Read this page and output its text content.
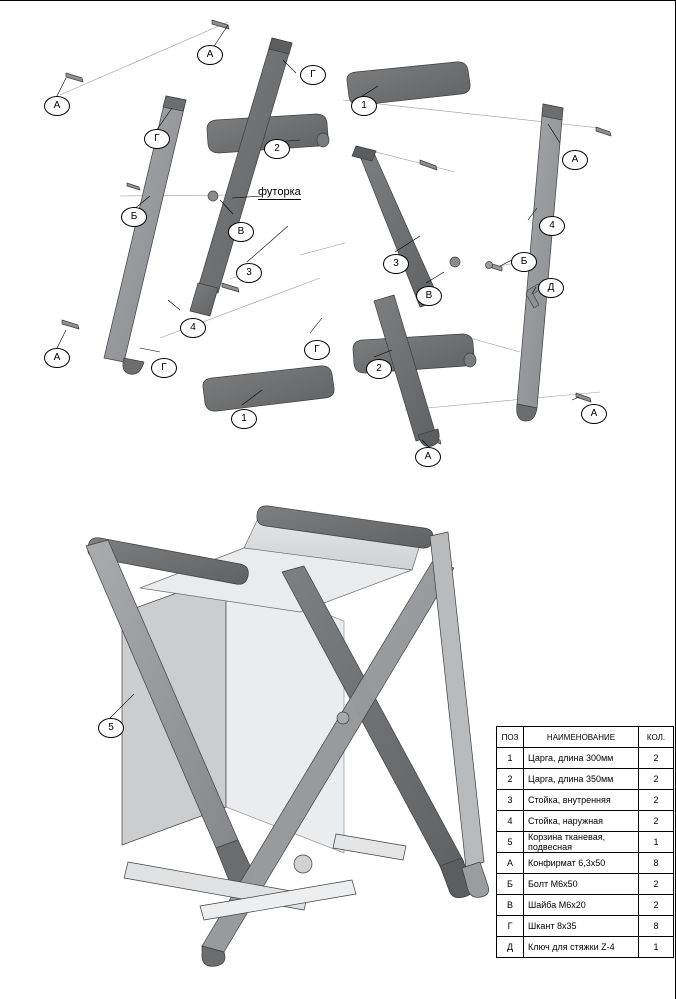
футорка
А
Г
1
А
Г
2
А
Б
В
4
3
3	Б
В
Д
4
Г
А
Г	2
1	А
А
5
ПОЗ	НАИМЕНОВАНИЕ	КОЛ.
1	Царга, длина 300мм	2
2	Царга, длина 350мм	2
3	Стойка, внутренняя	2
4	Стойка, наружная	2
5	Корзина тканевая, подвесная	1
А	Конфирмат 6,3х50	8
Б	Болт М6х50	2
В	Шайба М6х20	2
Г	Шкант 8х35	8
Д	Ключ для стяжки Z-4	1
